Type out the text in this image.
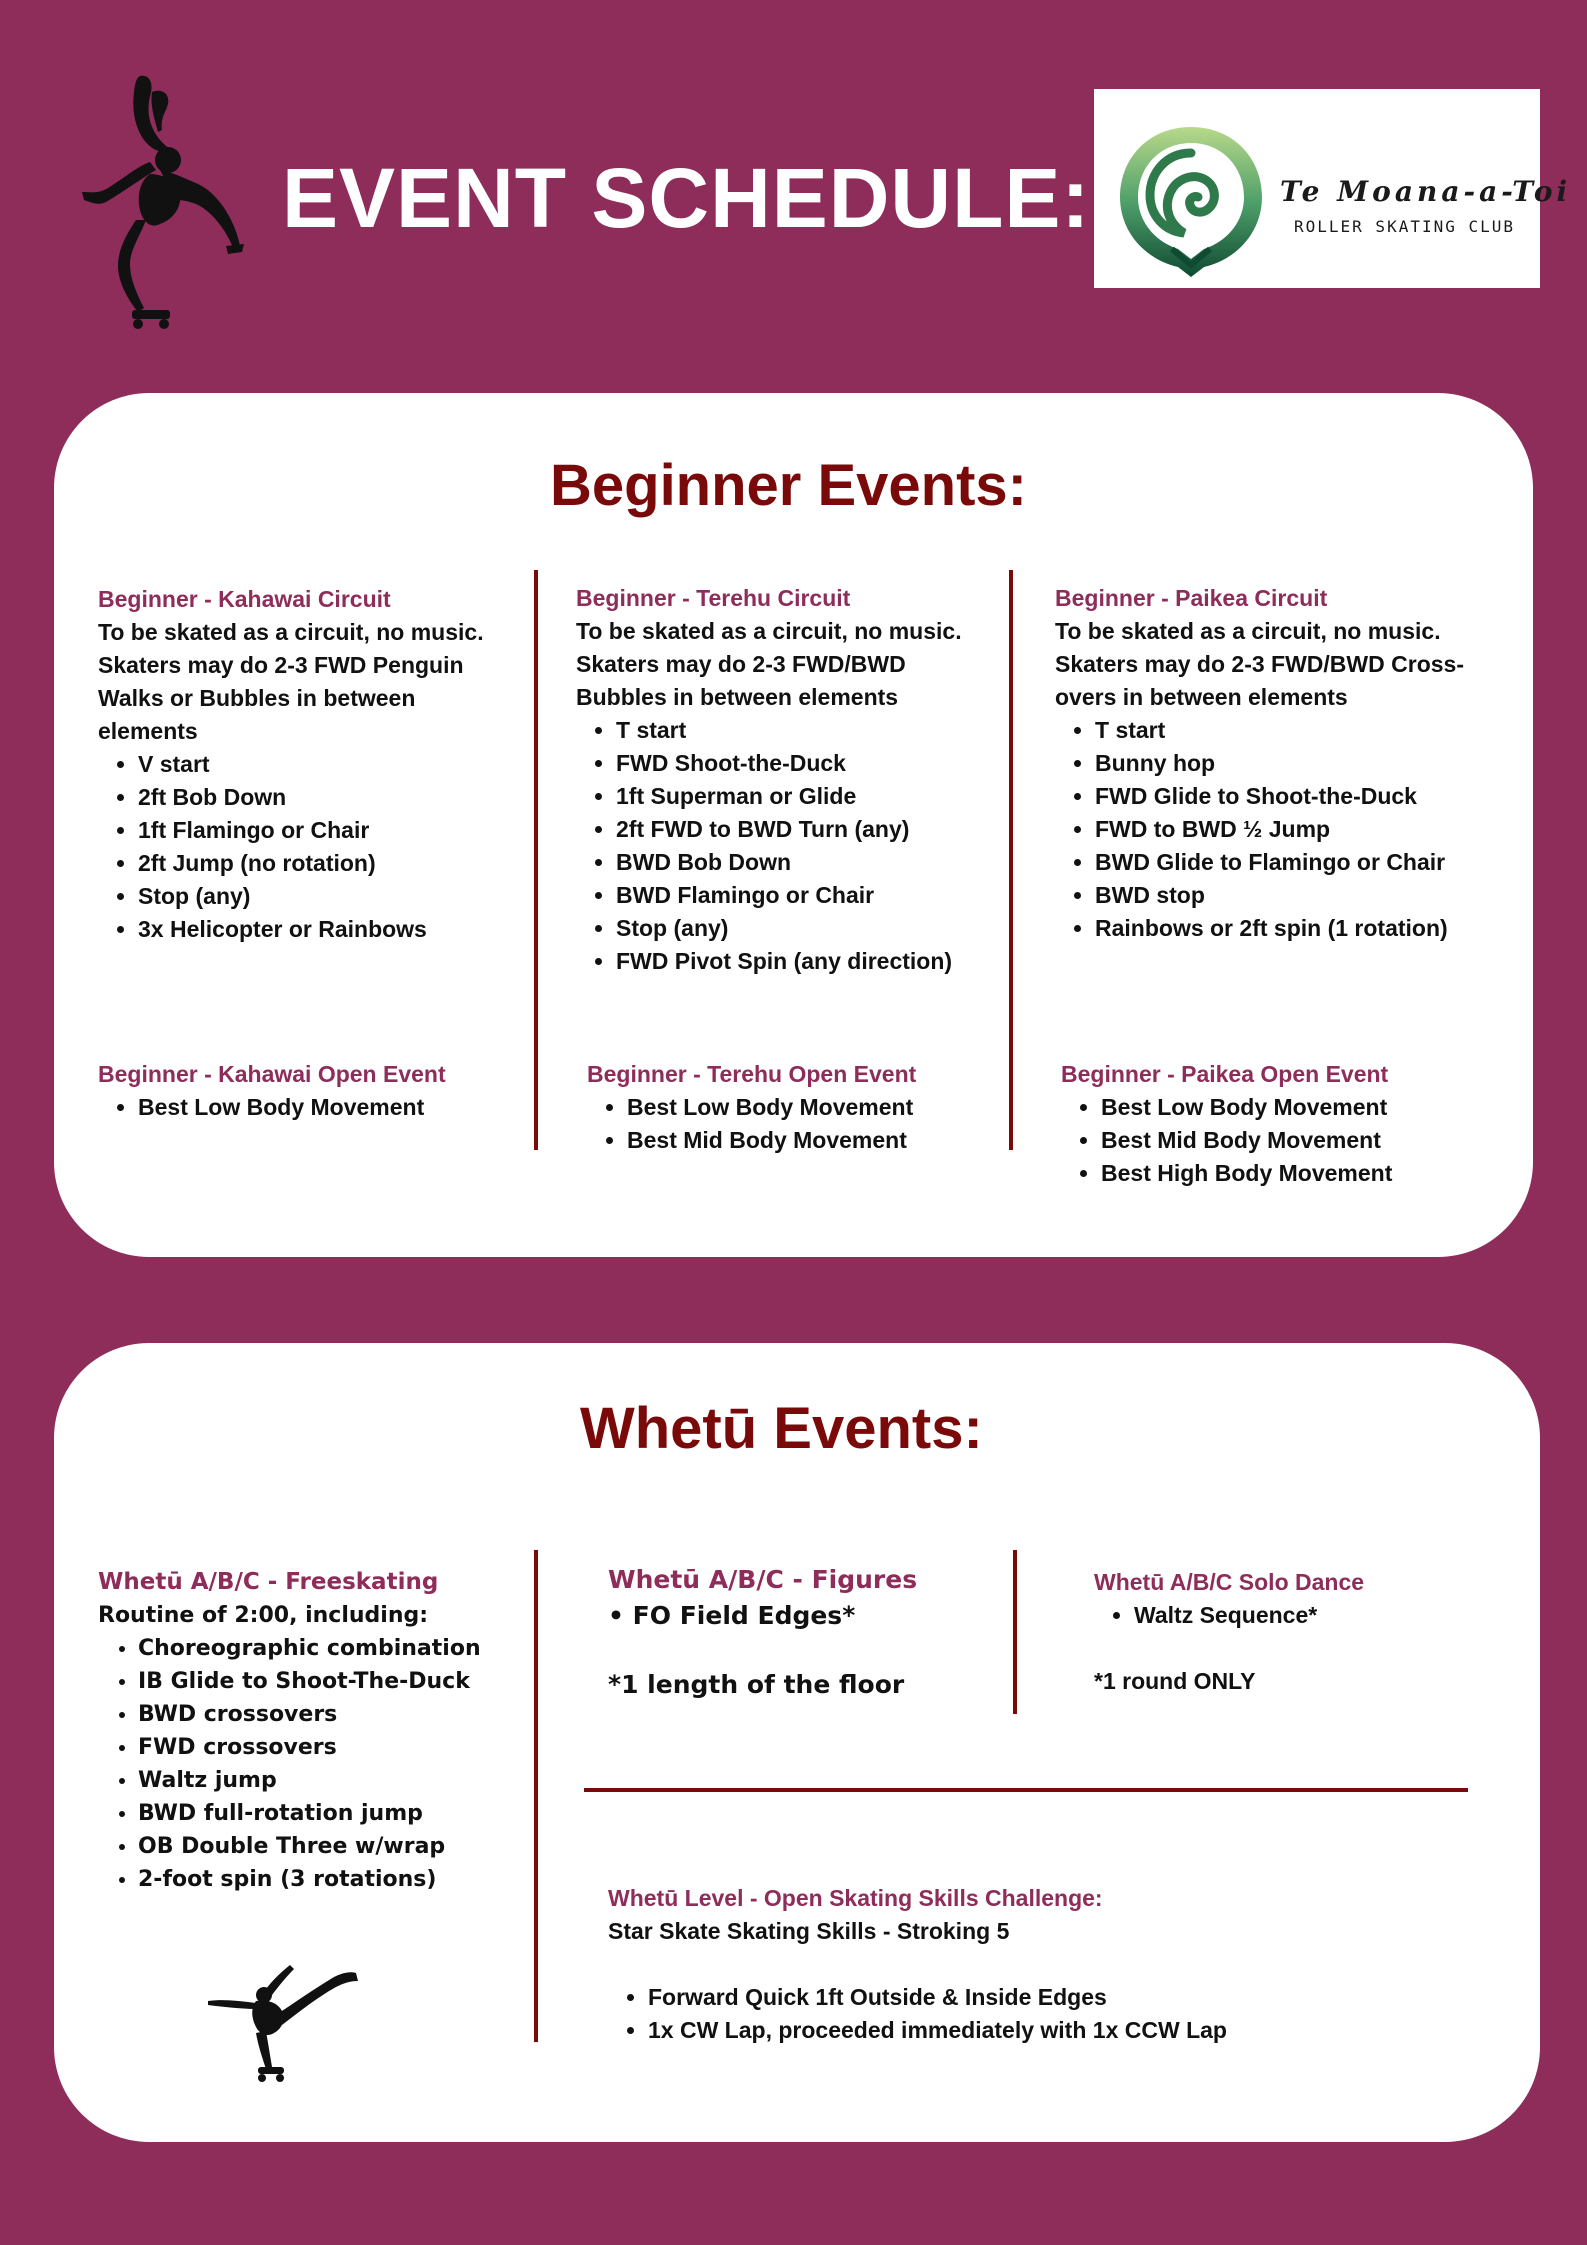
EVENT SCHEDULE:	Te Moana-a-Toi
ROLLER SKATING CLUB
Beginner Events:
Beginner - Kahawai Circuit

To be skated as a circuit, no music. Skaters may do 2-3 FWD Penguin Walks or Bubbles in between elements

• V start
• 2ft Bob Down
• 1ft Flamingo or Chair
• 2ft Jump (no rotation)
• Stop (any)
• 3x Helicopter or Rainbows
Beginner - Terehu Circuit

To be skated as a circuit, no music. Skaters may do 2-3 FWD/BWD Bubbles in between elements

• T start
• FWD Shoot-the-Duck
• 1ft Superman or Glide
• 2ft FWD to BWD Turn (any)
• BWD Bob Down
• BWD Flamingo or Chair
• Stop (any)
• FWD Pivot Spin (any direction)
Beginner - Paikea Circuit

To be skated as a circuit, no music. Skaters may do 2-3 FWD/BWD Cross-overs in between elements

• T start
• Bunny hop
• FWD Glide to Shoot-the-Duck
• FWD to BWD ½ Jump
• BWD Glide to Flamingo or Chair
• BWD stop
• Rainbows or 2ft spin (1 rotation)
Beginner - Kahawai Open Event
• Best Low Body Movement
Beginner - Terehu Open Event
• Best Low Body Movement
• Best Mid Body Movement
Beginner - Paikea Open Event
• Best Low Body Movement
• Best Mid Body Movement
• Best High Body Movement
Whetū Events:
Whetū A/B/C - Freeskating

Routine of 2:00, including:

• Choreographic combination
• IB Glide to Shoot-The-Duck
• BWD crossovers
• FWD crossovers
• Waltz jump
• BWD full-rotation jump
• OB Double Three w/wrap
• 2-foot spin (3 rotations)
Whetū A/B/C - Figures

• FO Field Edges*

*1 length of the floor

Whetū A/B/C Solo Dance
• Waltz Sequence*

*1 round ONLY

Whetū Level - Open Skating Skills Challenge:

Star Skate Skating Skills - Stroking 5

• Forward Quick 1ft Outside & Inside Edges
• 1x CW Lap, proceeded immediately with 1x CCW Lap
